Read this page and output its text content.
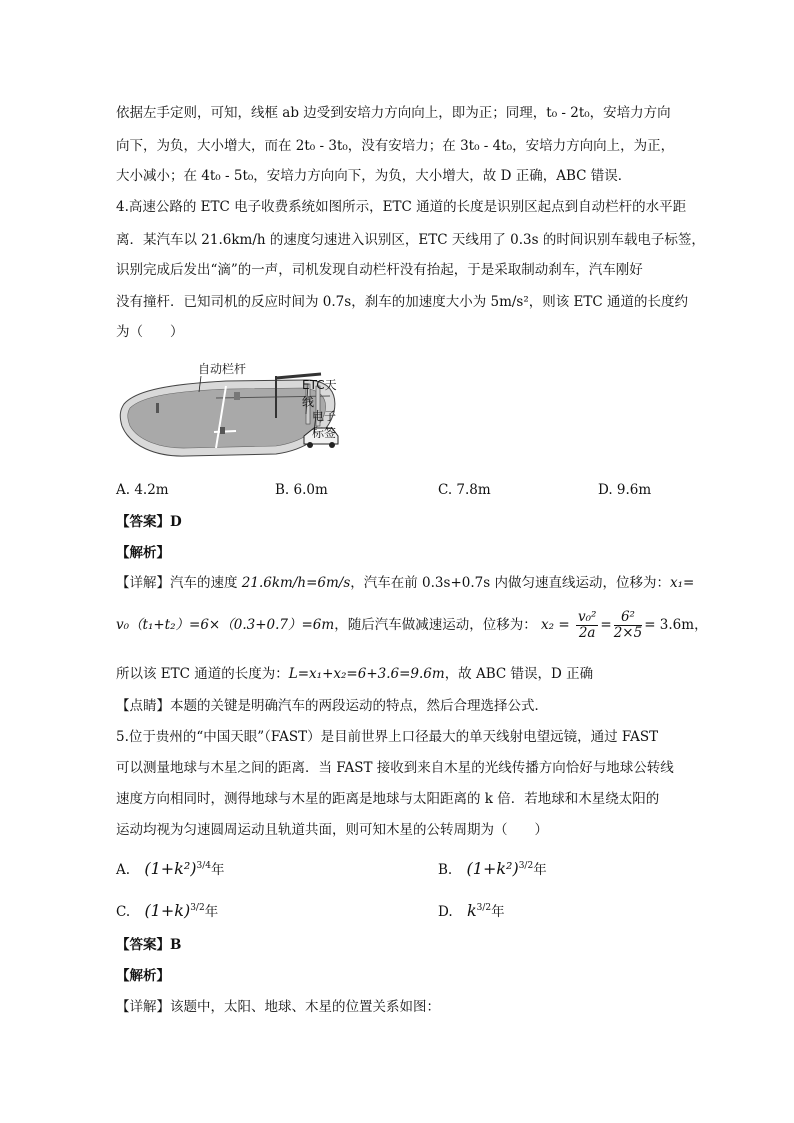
依据左手定则，可知，线框 ab 边受到安培力方向向上，即为正；同理，t₀ - 2t₀，安培力方向
向下，为负，大小增大，而在 2t₀ - 3t₀，没有安培力；在 3t₀ - 4t₀，安培力方向向上，为正，
大小减小；在 4t₀ - 5t₀，安培力方向向下，为负，大小增大，故 D 正确，ABC 错误．
4.高速公路的 ETC 电子收费系统如图所示，ETC 通道的长度是识别区起点到自动栏杆的水平距
离．某汽车以 21.6km/h 的速度匀速进入识别区，ETC 天线用了 0.3s 的时间识别车载电子标签，
识别完成后发出“滴”的一声，司机发现自动栏杆没有抬起，于是采取制动刹车，汽车刚好
没有撞杆．已知司机的反应时间为 0.7s，刹车的加速度大小为 5m/s²，则该 ETC 通道的长度约
为（　　）
自动栏杆
ETC天线
电子标签
A. 4.2m	B. 6.0m	C. 7.8m	D. 9.6m
【答案】D
【解析】
【详解】汽车的速度 21.6km/h=6m/s，汽车在前 0.3s+0.7s 内做匀速直线运动，位移为：x₁=
v₀（t₁+t₂）=6×（0.3+0.7）=6m，随后汽车做减速运动，位移为： $x_2 = \frac{\text{v₀²}}{2a} = \frac{\text{6²}}{2\times 5} = 3.6m$，
所以该 ETC 通道的长度为：L=x₁+x₂=6+3.6=9.6m，故 ABC 错误，D 正确
【点睛】本题的关键是明确汽车的两段运动的特点，然后合理选择公式．
5.位于贵州的“中国天眼”（FAST）是目前世界上口径最大的单天线射电望远镜，通过 FAST
可以测量地球与木星之间的距离．当 FAST 接收到来自木星的光线传播方向恰好与地球公转线
速度方向相同时，测得地球与木星的距离是地球与太阳距离的 k 倍．若地球和木星绕太阳的
运动均视为匀速圆周运动且轨道共面，则可知木星的公转周期为（　　）
A. $(1+k^2)^{3/4}$年	B. $(1+k^2)^{3/2}$年
C. $(1+k)^{3/2}$年	D. $k^{3/2}$年
【答案】B
【解析】
【详解】该题中，太阳、地球、木星的位置关系如图：
